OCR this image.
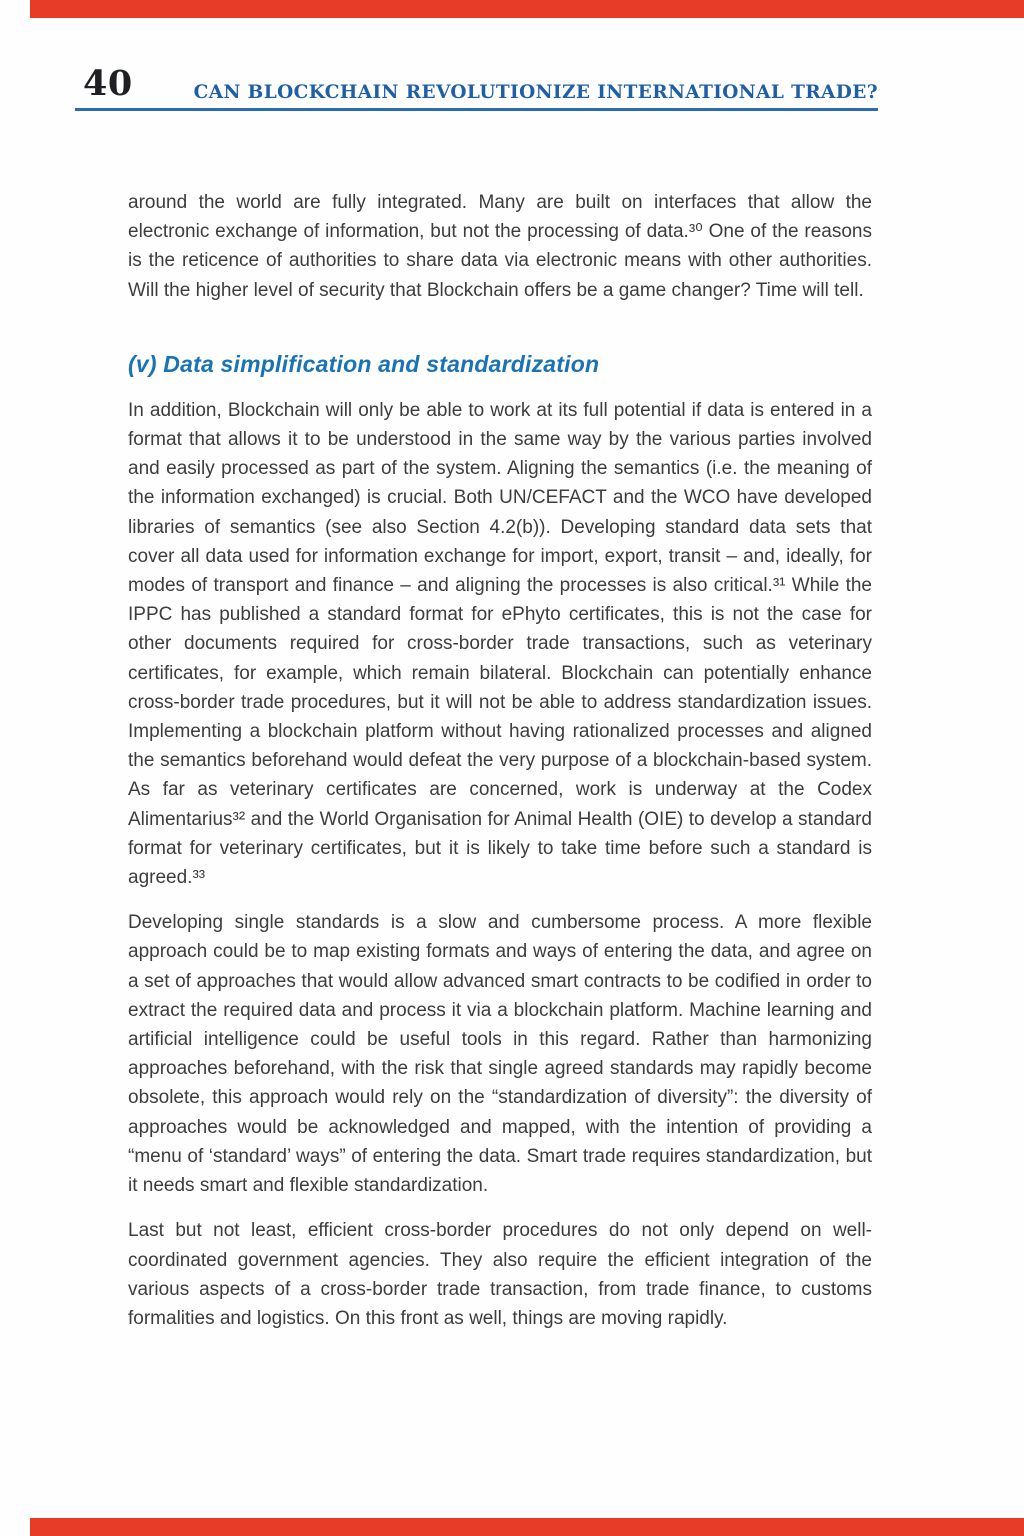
40	CAN BLOCKCHAIN REVOLUTIONIZE INTERNATIONAL TRADE?

around the world are fully integrated. Many are built on interfaces that allow the electronic exchange of information, but not the processing of data.³⁰ One of the reasons is the reticence of authorities to share data via electronic means with other authorities. Will the higher level of security that Blockchain offers be a game changer? Time will tell.

(v) Data simplification and standardization

In addition, Blockchain will only be able to work at its full potential if data is entered in a format that allows it to be understood in the same way by the various parties involved and easily processed as part of the system. Aligning the semantics (i.e. the meaning of the information exchanged) is crucial. Both UN/CEFACT and the WCO have developed libraries of semantics (see also Section 4.2(b)). Developing standard data sets that cover all data used for information exchange for import, export, transit – and, ideally, for modes of transport and finance – and aligning the processes is also critical.³¹ While the IPPC has published a standard format for ePhyto certificates, this is not the case for other documents required for cross-border trade transactions, such as veterinary certificates, for example, which remain bilateral. Blockchain can potentially enhance cross-border trade procedures, but it will not be able to address standardization issues. Implementing a blockchain platform without having rationalized processes and aligned the semantics beforehand would defeat the very purpose of a blockchain-based system. As far as veterinary certificates are concerned, work is underway at the Codex Alimentarius³² and the World Organisation for Animal Health (OIE) to develop a standard format for veterinary certificates, but it is likely to take time before such a standard is agreed.³³

Developing single standards is a slow and cumbersome process. A more flexible approach could be to map existing formats and ways of entering the data, and agree on a set of approaches that would allow advanced smart contracts to be codified in order to extract the required data and process it via a blockchain platform. Machine learning and artificial intelligence could be useful tools in this regard. Rather than harmonizing approaches beforehand, with the risk that single agreed standards may rapidly become obsolete, this approach would rely on the “standardization of diversity”: the diversity of approaches would be acknowledged and mapped, with the intention of providing a “menu of ‘standard’ ways” of entering the data. Smart trade requires standardization, but it needs smart and flexible standardization.

Last but not least, efficient cross-border procedures do not only depend on well-coordinated government agencies. They also require the efficient integration of the various aspects of a cross-border trade transaction, from trade finance, to customs formalities and logistics. On this front as well, things are moving rapidly.
